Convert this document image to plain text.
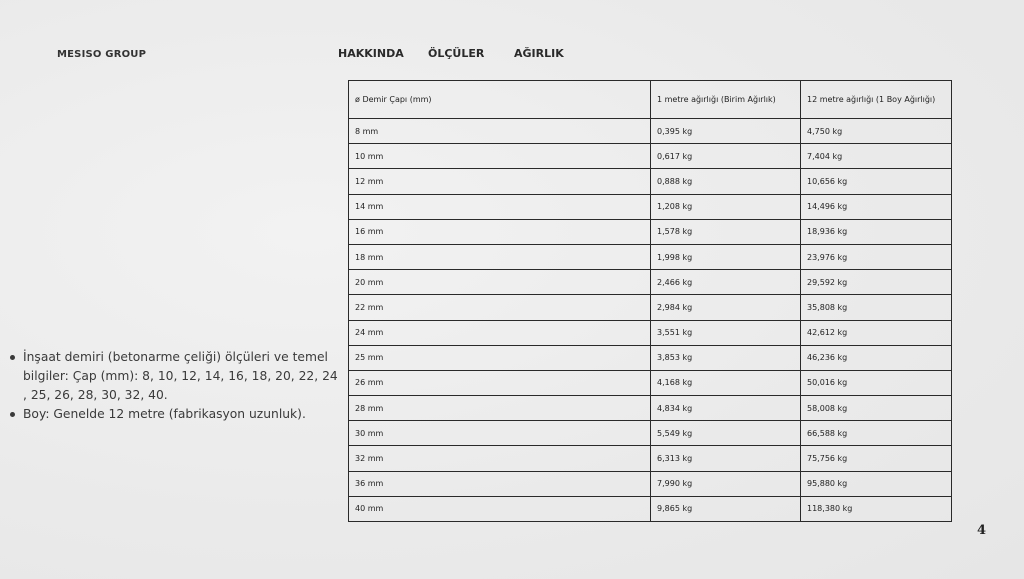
MESISO GROUP	HAKKINDA ÖLÇÜLER	AĞIRLIK
İnşaat demiri (betonarme çeliği) ölçüleri ve temel bilgiler: Çap (mm): 8, 10, 12, 14, 16, 18, 20, 22, 24 , 25, 26, 28, 30, 32, 40.
Boy: Genelde 12 metre (fabrikasyon uzunluk).
ø Demir Çapı (mm)	1 metre ağırlığı (Birim Ağırlık)	12 metre ağırlığı (1 Boy Ağırlığı)
8 mm	0,395 kg	4,750 kg
10 mm	0,617 kg	7,404 kg
12 mm	0,888 kg	10,656 kg
14 mm	1,208 kg	14,496 kg
16 mm	1,578 kg	18,936 kg
18 mm	1,998 kg	23,976 kg
20 mm	2,466 kg	29,592 kg
22 mm	2,984 kg	35,808 kg
24 mm	3,551 kg	42,612 kg
25 mm	3,853 kg	46,236 kg
26 mm	4,168 kg	50,016 kg
28 mm	4,834 kg	58,008 kg
30 mm	5,549 kg	66,588 kg
32 mm	6,313 kg	75,756 kg
36 mm	7,990 kg	95,880 kg
40 mm	9,865 kg	118,380 kg
4
